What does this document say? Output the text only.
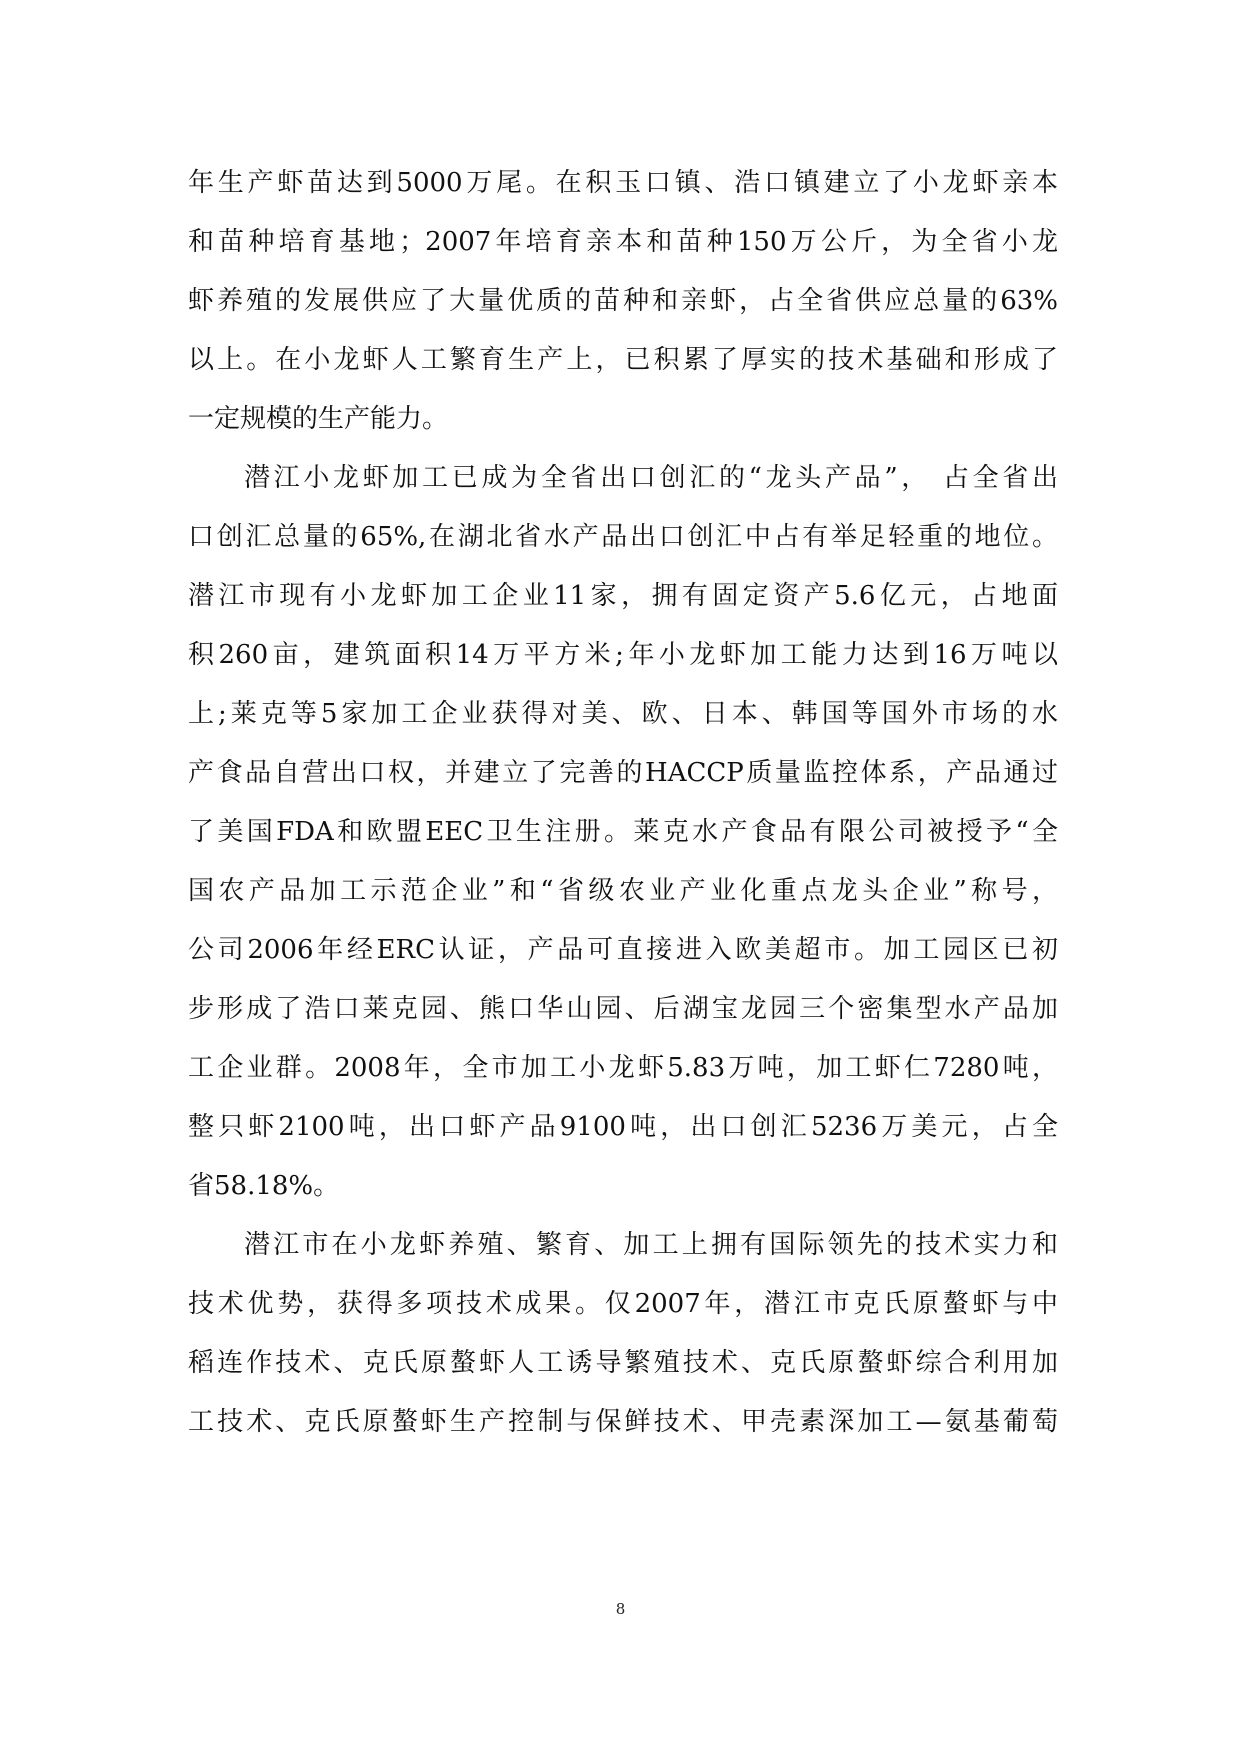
年生产虾苗达到5000万尾。在积玉口镇、浩口镇建立了小龙虾亲本
和苗种培育基地；2007年培育亲本和苗种150万公斤，为全省小龙
虾养殖的发展供应了大量优质的苗种和亲虾，占全省供应总量的63%
以上。在小龙虾人工繁育生产上，已积累了厚实的技术基础和形成了
一定规模的生产能力。
潜江小龙虾加工已成为全省出口创汇的“龙头产品”， 占全省出
口创汇总量的65%,在湖北省水产品出口创汇中占有举足轻重的地位。
潜江市现有小龙虾加工企业11家，拥有固定资产5.6亿元，占地面
积260亩，建筑面积14万平方米;年小龙虾加工能力达到16万吨以
上;莱克等5家加工企业获得对美、欧、日本、韩国等国外市场的水
产食品自营出口权，并建立了完善的HACCP质量监控体系，产品通过
了美国FDA和欧盟EEC卫生注册。莱克水产食品有限公司被授予“全
国农产品加工示范企业”和“省级农业产业化重点龙头企业”称号，
公司2006年经ERC认证，产品可直接进入欧美超市。加工园区已初
步形成了浩口莱克园、熊口华山园、后湖宝龙园三个密集型水产品加
工企业群。2008年，全市加工小龙虾5.83万吨，加工虾仁7280吨，
整只虾2100吨，出口虾产品9100吨，出口创汇5236万美元，占全
省58.18%。
潜江市在小龙虾养殖、繁育、加工上拥有国际领先的技术实力和
技术优势，获得多项技术成果。仅2007年，潜江市克氏原螯虾与中
稻连作技术、克氏原螯虾人工诱导繁殖技术、克氏原螯虾综合利用加
工技术、克氏原螯虾生产控制与保鲜技术、甲壳素深加工—氨基葡萄
8
